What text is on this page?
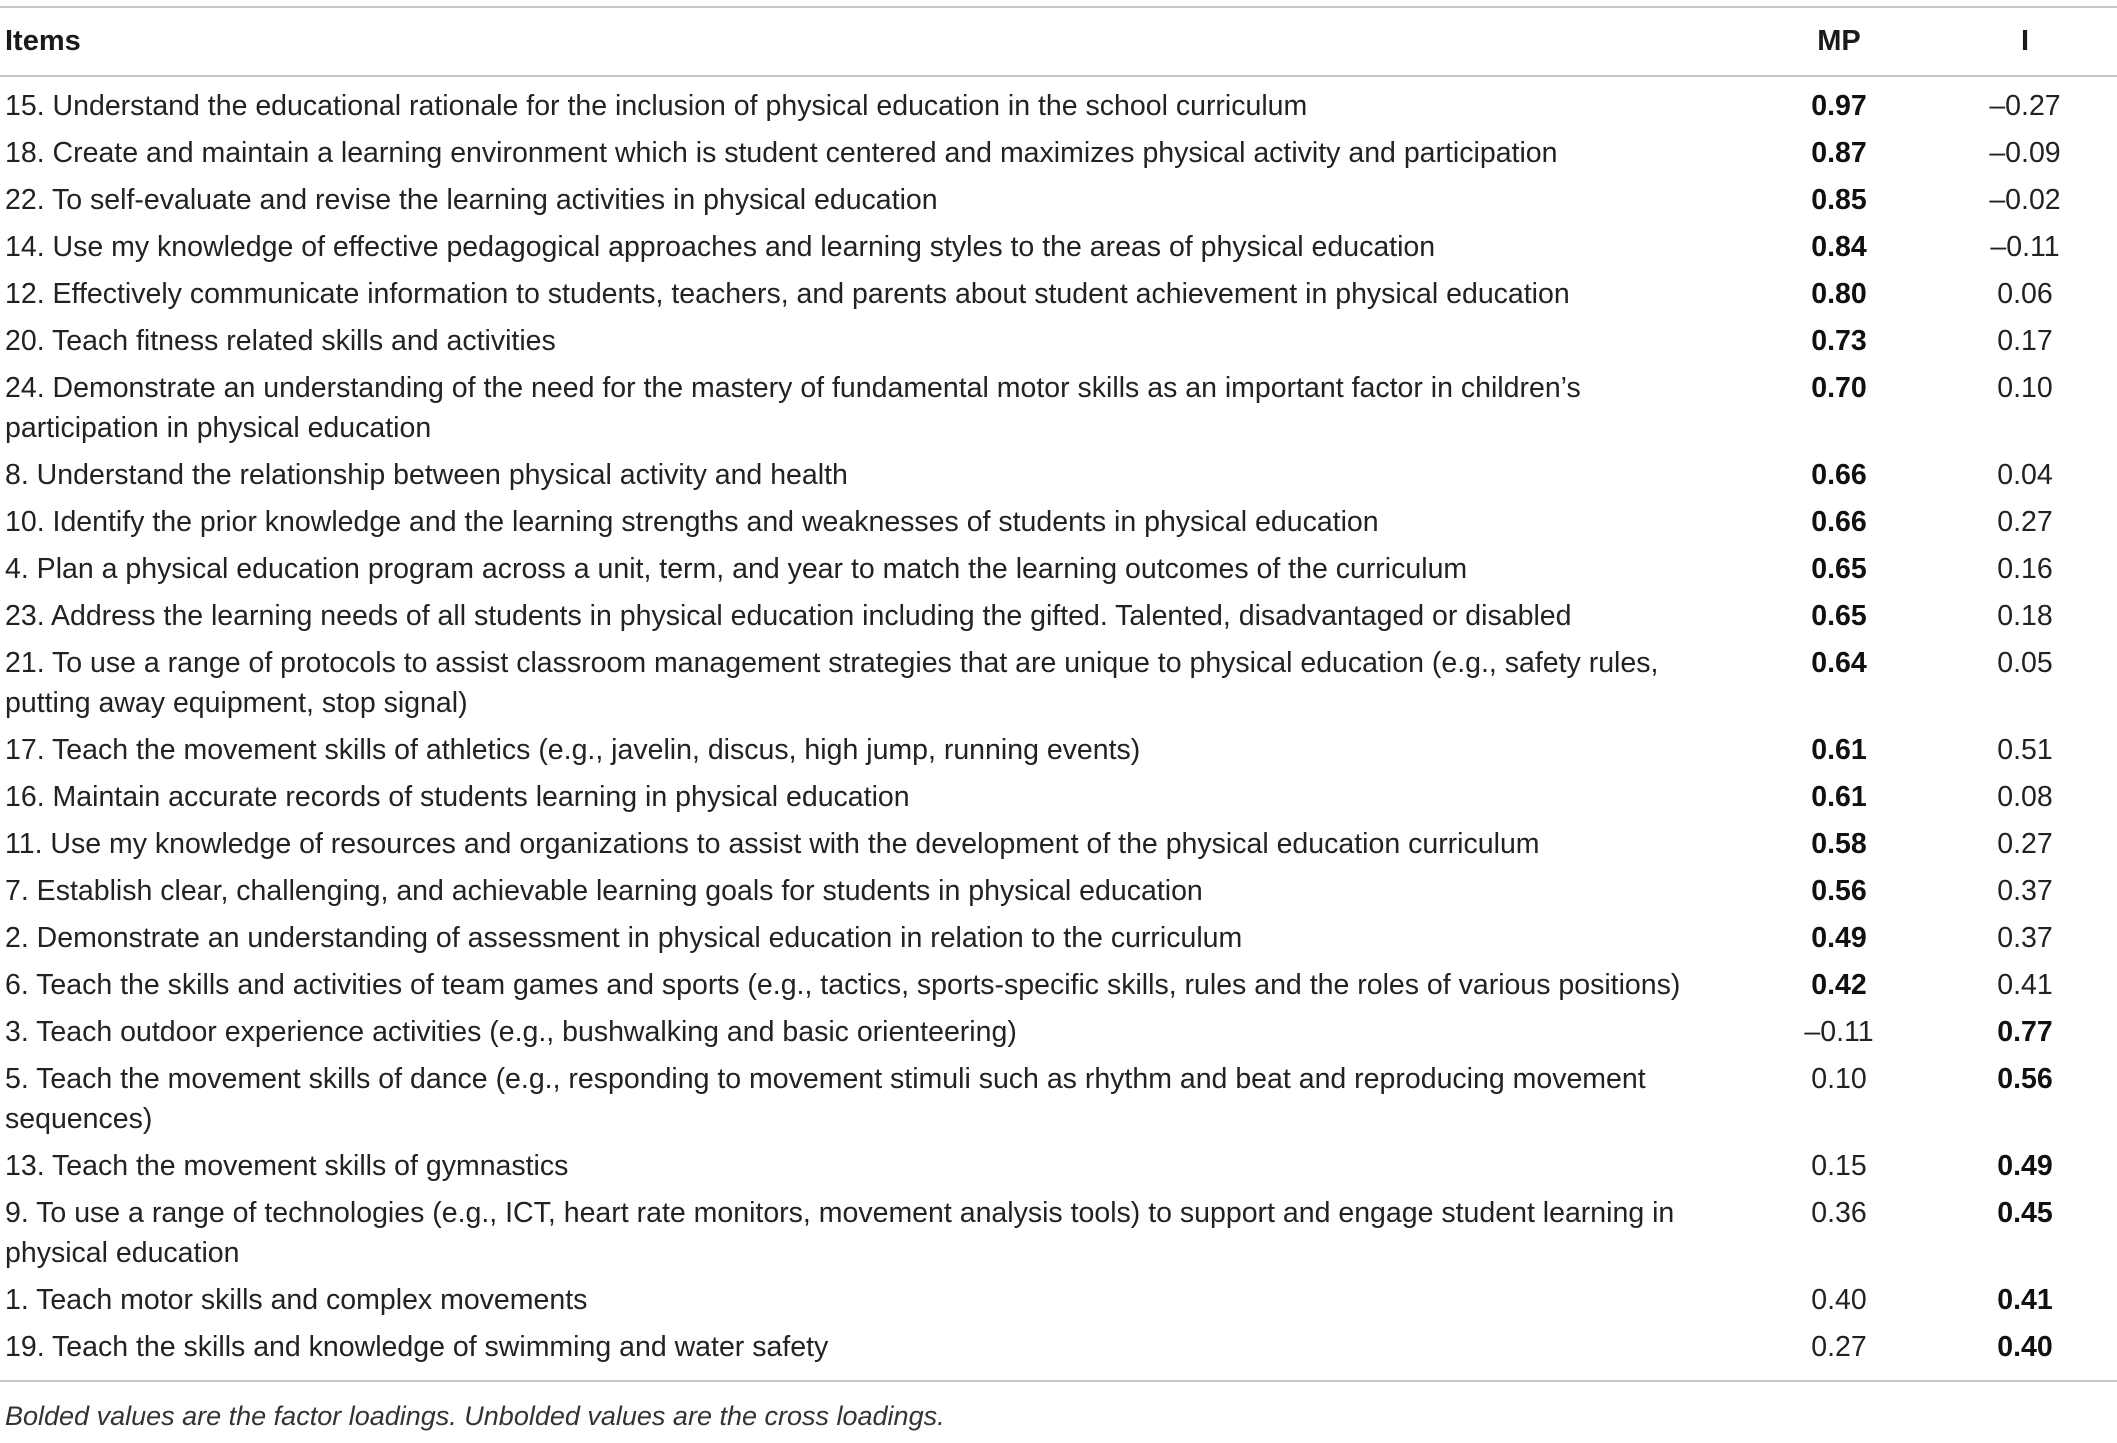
Items	MP	I
15. Understand the educational rationale for the inclusion of physical education in the school curriculum	0.97	–0.27
18. Create and maintain a learning environment which is student centered and maximizes physical activity and participation	0.87	–0.09
22. To self-evaluate and revise the learning activities in physical education	0.85	–0.02
14. Use my knowledge of effective pedagogical approaches and learning styles to the areas of physical education	0.84	–0.11
12. Effectively communicate information to students, teachers, and parents about student achievement in physical education	0.80	0.06
20. Teach fitness related skills and activities	0.73	0.17
24. Demonstrate an understanding of the need for the mastery of fundamental motor skills as an important factor in children’s participation in physical education	0.70	0.10
8. Understand the relationship between physical activity and health	0.66	0.04
10. Identify the prior knowledge and the learning strengths and weaknesses of students in physical education	0.66	0.27
4. Plan a physical education program across a unit, term, and year to match the learning outcomes of the curriculum	0.65	0.16
23. Address the learning needs of all students in physical education including the gifted. Talented, disadvantaged or disabled	0.65	0.18
21. To use a range of protocols to assist classroom management strategies that are unique to physical education (e.g., safety rules, putting away equipment, stop signal)	0.64	0.05
17. Teach the movement skills of athletics (e.g., javelin, discus, high jump, running events)	0.61	0.51
16. Maintain accurate records of students learning in physical education	0.61	0.08
11. Use my knowledge of resources and organizations to assist with the development of the physical education curriculum	0.58	0.27
7. Establish clear, challenging, and achievable learning goals for students in physical education	0.56	0.37
2. Demonstrate an understanding of assessment in physical education in relation to the curriculum	0.49	0.37
6. Teach the skills and activities of team games and sports (e.g., tactics, sports-specific skills, rules and the roles of various positions)	0.42	0.41
3. Teach outdoor experience activities (e.g., bushwalking and basic orienteering)	–0.11	0.77
5. Teach the movement skills of dance (e.g., responding to movement stimuli such as rhythm and beat and reproducing movement sequences)	0.10	0.56
13. Teach the movement skills of gymnastics	0.15	0.49
9. To use a range of technologies (e.g., ICT, heart rate monitors, movement analysis tools) to support and engage student learning in physical education	0.36	0.45
1. Teach motor skills and complex movements	0.40	0.41
19. Teach the skills and knowledge of swimming and water safety	0.27	0.40
Bolded values are the factor loadings. Unbolded values are the cross loadings.
